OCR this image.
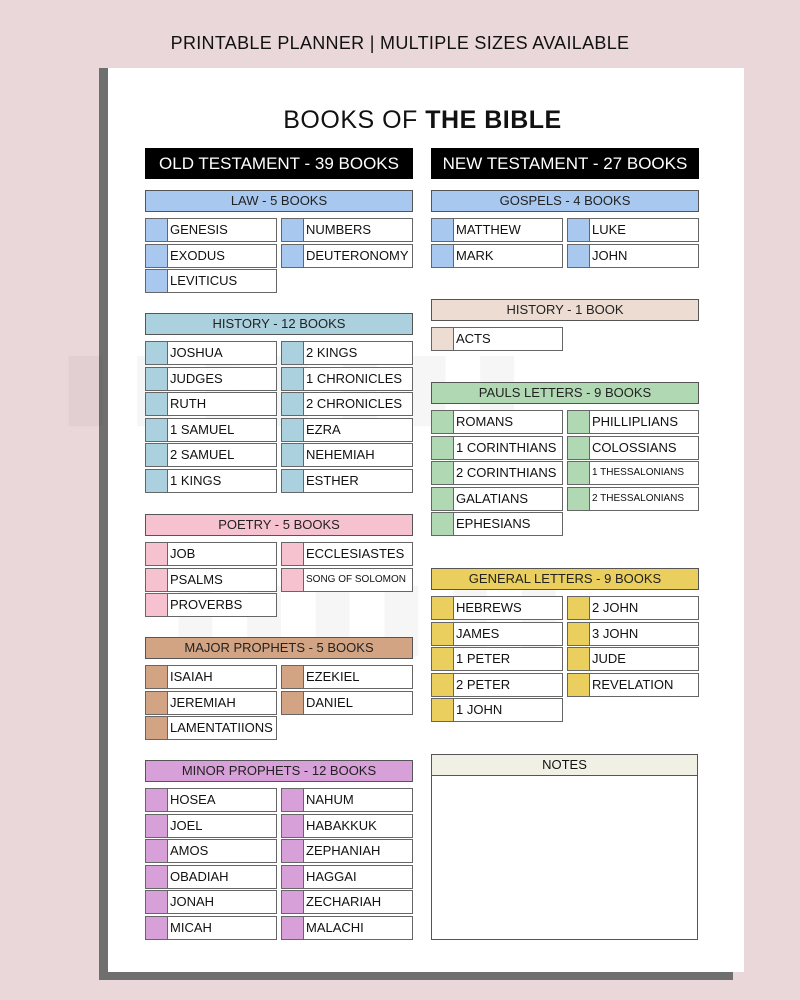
PRINTABLE PLANNER | MULTIPLE SIZES AVAILABLE
BOOKS OF THE BIBLE
OLD TESTAMENT - 39 BOOKS	NEW TESTAMENT - 27 BOOKS
LAW - 5 BOOKS
GENESIS
EXODUS
LEVITICUS
NUMBERS
DEUTERONOMY
HISTORY - 12 BOOKS
JOSHUA
JUDGES
RUTH
1 SAMUEL
2 SAMUEL
1 KINGS
2 KINGS
1 CHRONICLES
2 CHRONICLES
EZRA
NEHEMIAH
ESTHER
POETRY - 5 BOOKS
JOB
PSALMS
PROVERBS
ECCLESIASTES
SONG OF SOLOMON
MAJOR PROPHETS - 5 BOOKS
ISAIAH
JEREMIAH
LAMENTATIIONS
EZEKIEL
DANIEL
MINOR PROPHETS - 12 BOOKS
HOSEA
JOEL
AMOS
OBADIAH
JONAH
MICAH
NAHUM
HABAKKUK
ZEPHANIAH
HAGGAI
ZECHARIAH
MALACHI
GOSPELS - 4 BOOKS
MATTHEW
MARK
LUKE
JOHN
HISTORY - 1 BOOK
ACTS
PAULS LETTERS - 9 BOOKS
ROMANS
1 CORINTHIANS
2 CORINTHIANS
GALATIANS
EPHESIANS
PHILLIPLIANS
COLOSSIANS
1 THESSALONIANS
2 THESSALONIANS
GENERAL LETTERS - 9 BOOKS
HEBREWS
JAMES
1 PETER
2 PETER
1 JOHN
2 JOHN
3 JOHN
JUDE
REVELATION
NOTES
